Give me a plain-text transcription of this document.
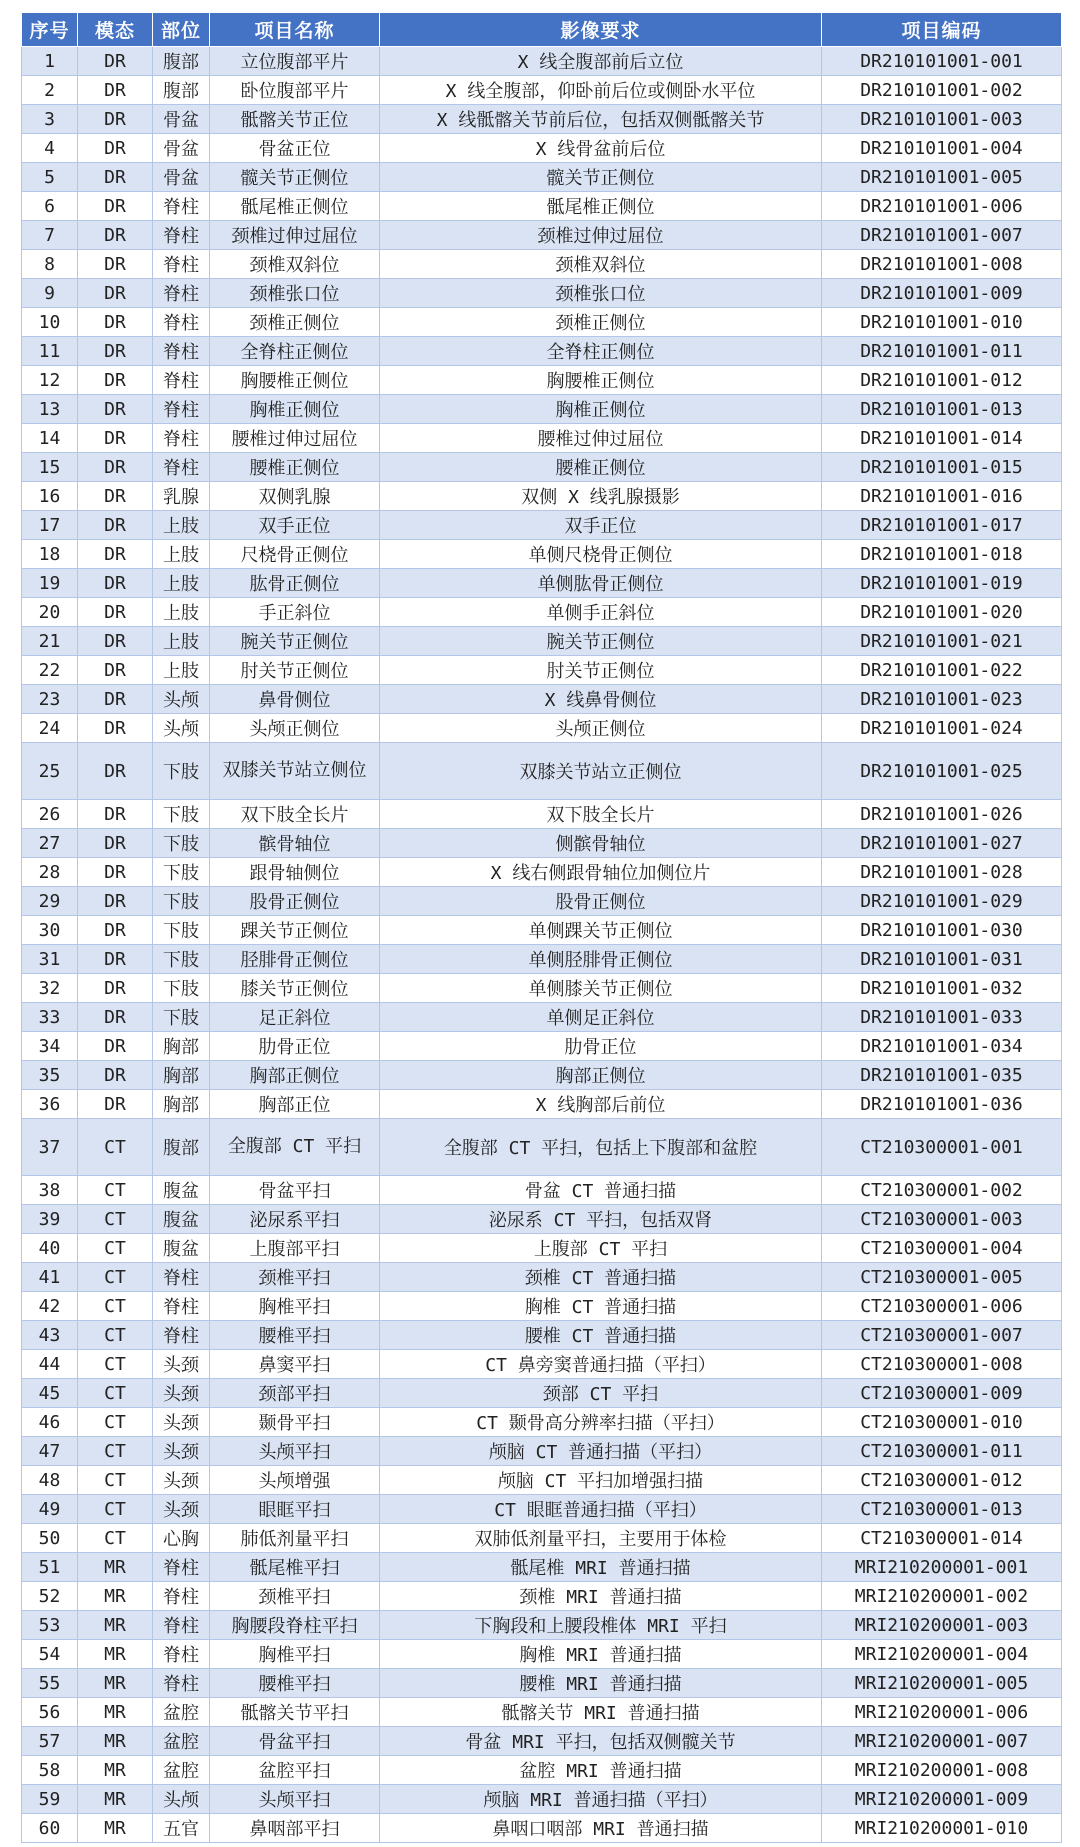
序号	模态	部位	项目名称	影像要求	项目编码
1	DR	腹部	立位腹部平片	X 线全腹部前后立位	DR210101001-001
2	DR	腹部	卧位腹部平片	X 线全腹部，仰卧前后位或侧卧水平位	DR210101001-002
3	DR	骨盆	骶髂关节正位	X 线骶髂关节前后位，包括双侧骶髂关节	DR210101001-003
4	DR	骨盆	骨盆正位	X 线骨盆前后位	DR210101001-004
5	DR	骨盆	髋关节正侧位	髋关节正侧位	DR210101001-005
6	DR	脊柱	骶尾椎正侧位	骶尾椎正侧位	DR210101001-006
7	DR	脊柱	颈椎过伸过屈位	颈椎过伸过屈位	DR210101001-007
8	DR	脊柱	颈椎双斜位	颈椎双斜位	DR210101001-008
9	DR	脊柱	颈椎张口位	颈椎张口位	DR210101001-009
10	DR	脊柱	颈椎正侧位	颈椎正侧位	DR210101001-010
11	DR	脊柱	全脊柱正侧位	全脊柱正侧位	DR210101001-011
12	DR	脊柱	胸腰椎正侧位	胸腰椎正侧位	DR210101001-012
13	DR	脊柱	胸椎正侧位	胸椎正侧位	DR210101001-013
14	DR	脊柱	腰椎过伸过屈位	腰椎过伸过屈位	DR210101001-014
15	DR	脊柱	腰椎正侧位	腰椎正侧位	DR210101001-015
16	DR	乳腺	双侧乳腺	双侧 X 线乳腺摄影	DR210101001-016
17	DR	上肢	双手正位	双手正位	DR210101001-017
18	DR	上肢	尺桡骨正侧位	单侧尺桡骨正侧位	DR210101001-018
19	DR	上肢	肱骨正侧位	单侧肱骨正侧位	DR210101001-019
20	DR	上肢	手正斜位	单侧手正斜位	DR210101001-020
21	DR	上肢	腕关节正侧位	腕关节正侧位	DR210101001-021
22	DR	上肢	肘关节正侧位	肘关节正侧位	DR210101001-022
23	DR	头颅	鼻骨侧位	X 线鼻骨侧位	DR210101001-023
24	DR	头颅	头颅正侧位	头颅正侧位	DR210101001-024
25	DR	下肢	双膝关节站立侧位	双膝关节站立正侧位	DR210101001-025
26	DR	下肢	双下肢全长片	双下肢全长片	DR210101001-026
27	DR	下肢	髌骨轴位	侧髌骨轴位	DR210101001-027
28	DR	下肢	跟骨轴侧位	X 线右侧跟骨轴位加侧位片	DR210101001-028
29	DR	下肢	股骨正侧位	股骨正侧位	DR210101001-029
30	DR	下肢	踝关节正侧位	单侧踝关节正侧位	DR210101001-030
31	DR	下肢	胫腓骨正侧位	单侧胫腓骨正侧位	DR210101001-031
32	DR	下肢	膝关节正侧位	单侧膝关节正侧位	DR210101001-032
33	DR	下肢	足正斜位	单侧足正斜位	DR210101001-033
34	DR	胸部	肋骨正位	肋骨正位	DR210101001-034
35	DR	胸部	胸部正侧位	胸部正侧位	DR210101001-035
36	DR	胸部	胸部正位	X 线胸部后前位	DR210101001-036
37	CT	腹部	全腹部 CT 平扫	全腹部 CT 平扫，包括上下腹部和盆腔	CT210300001-001
38	CT	腹盆	骨盆平扫	骨盆 CT 普通扫描	CT210300001-002
39	CT	腹盆	泌尿系平扫	泌尿系 CT 平扫，包括双肾	CT210300001-003
40	CT	腹盆	上腹部平扫	上腹部 CT 平扫	CT210300001-004
41	CT	脊柱	颈椎平扫	颈椎 CT 普通扫描	CT210300001-005
42	CT	脊柱	胸椎平扫	胸椎 CT 普通扫描	CT210300001-006
43	CT	脊柱	腰椎平扫	腰椎 CT 普通扫描	CT210300001-007
44	CT	头颈	鼻窦平扫	CT 鼻旁窦普通扫描（平扫）	CT210300001-008
45	CT	头颈	颈部平扫	颈部 CT 平扫	CT210300001-009
46	CT	头颈	颞骨平扫	CT 颞骨高分辨率扫描（平扫）	CT210300001-010
47	CT	头颈	头颅平扫	颅脑 CT 普通扫描（平扫）	CT210300001-011
48	CT	头颈	头颅增强	颅脑 CT 平扫加增强扫描	CT210300001-012
49	CT	头颈	眼眶平扫	CT 眼眶普通扫描（平扫）	CT210300001-013
50	CT	心胸	肺低剂量平扫	双肺低剂量平扫，主要用于体检	CT210300001-014
51	MR	脊柱	骶尾椎平扫	骶尾椎 MRI 普通扫描	MRI210200001-001
52	MR	脊柱	颈椎平扫	颈椎 MRI 普通扫描	MRI210200001-002
53	MR	脊柱	胸腰段脊柱平扫	下胸段和上腰段椎体 MRI 平扫	MRI210200001-003
54	MR	脊柱	胸椎平扫	胸椎 MRI 普通扫描	MRI210200001-004
55	MR	脊柱	腰椎平扫	腰椎 MRI 普通扫描	MRI210200001-005
56	MR	盆腔	骶髂关节平扫	骶髂关节 MRI 普通扫描	MRI210200001-006
57	MR	盆腔	骨盆平扫	骨盆 MRI 平扫，包括双侧髋关节	MRI210200001-007
58	MR	盆腔	盆腔平扫	盆腔 MRI 普通扫描	MRI210200001-008
59	MR	头颅	头颅平扫	颅脑 MRI 普通扫描（平扫）	MRI210200001-009
60	MR	五官	鼻咽部平扫	鼻咽口咽部 MRI 普通扫描	MRI210200001-010
